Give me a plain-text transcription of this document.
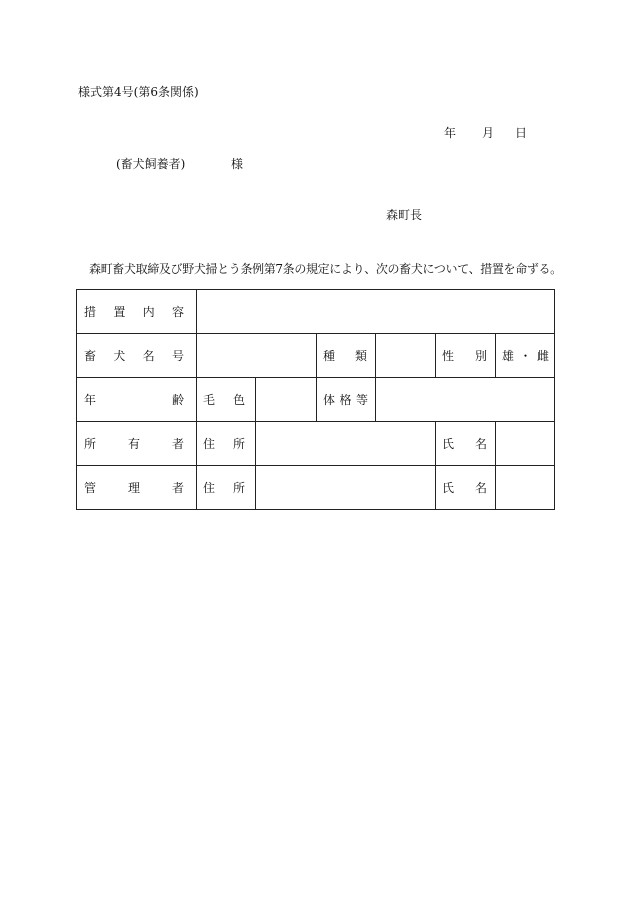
様式第4号(第6条関係)
年 月 日
(畜犬飼養者)	様
森町長
森町畜犬取締及び野犬掃とう条例第7条の規定により、次の畜犬について、措置を命ずる。
措 置 内 容						

畜 犬 名 号			種 類		性 別	雄 ・ 雌

年 齢	毛 色		体 格 等			

所 有 者	住 所				氏 名	

管 理 者	住 所				氏 名	
